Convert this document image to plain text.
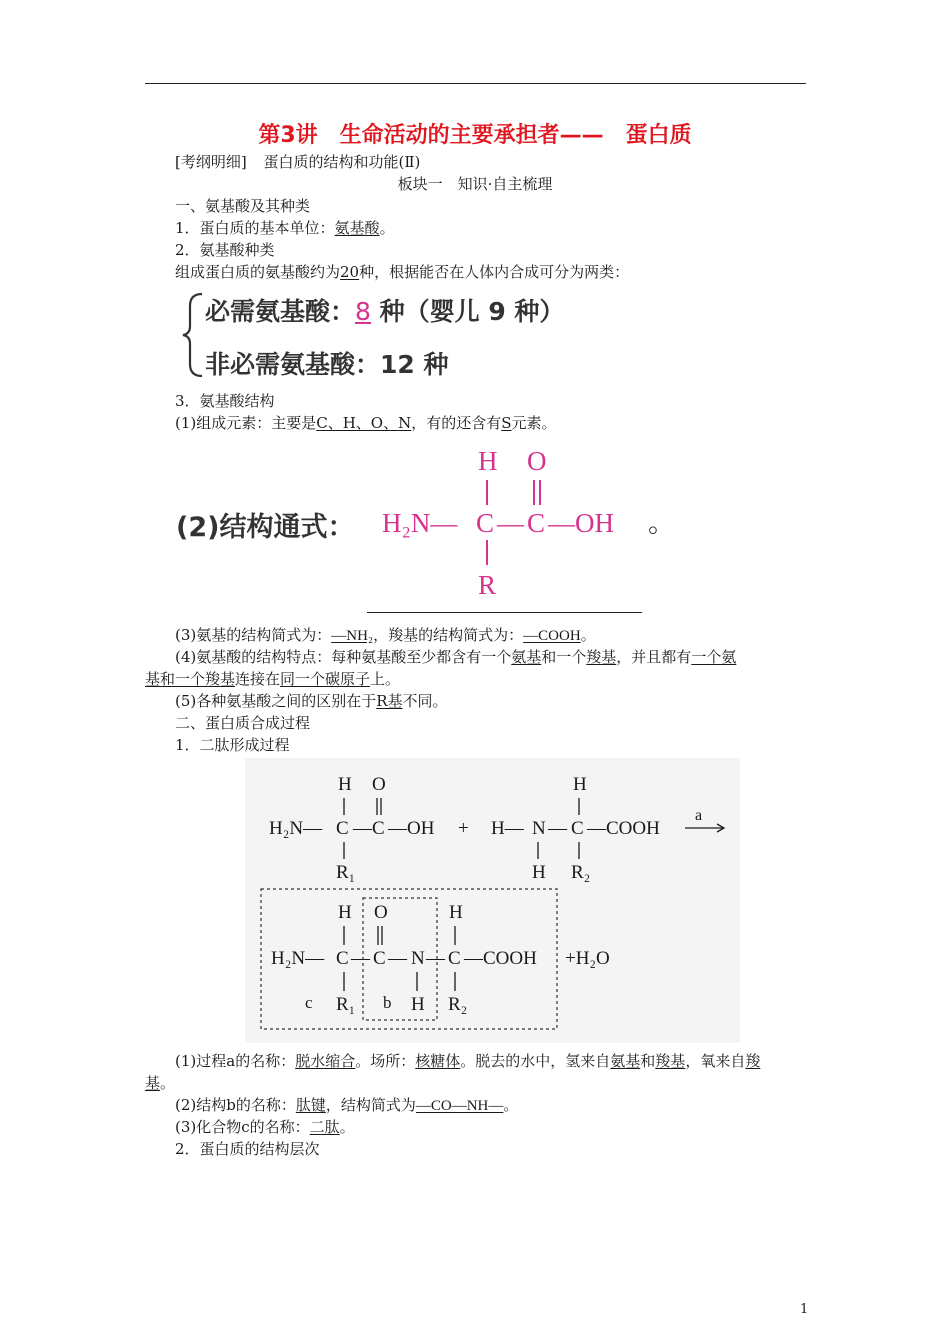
第3讲　生命活动的主要承担者——　蛋白质
[考纲明细] 蛋白质的结构和功能(Ⅱ)
板块一　知识·自主梳理
一、氨基酸及其种类
1．蛋白质的基本单位：氨基酸。
2．氨基酸种类
组成蛋白质的氨基酸约为20种，根据能否在人体内合成可分为两类：
必需氨基酸：8 种（婴儿 9 种）
非必需氨基酸：12 种
3．氨基酸结构
(1)组成元素：主要是C、H、O、N，有的还含有S元素。
(2)结构通式：
H O
H₂N— C — C —OH
R
。
(3)氨基的结构简式为：—NH₂，羧基的结构简式为：—COOH。
(4)氨基酸的结构特点：每种氨基酸至少都含有一个氨基和一个羧基，并且都有一个氨
基和一个羧基连接在同一个碳原子上。
(5)各种氨基酸之间的区别在于R基不同。
二、蛋白质合成过程
1．二肽形成过程
H O
H₂N— C — C —OH + H— N — C —COOH
H
a
R₁	H R₂
H O	H
H₂N— C — C — N — C —COOH +H₂O
c R₁ b H R₂
(1)过程a的名称：脱水缩合。场所：核糖体。脱去的水中，氢来自氨基和羧基，氧来自羧
基。
(2)结构b的名称：肽键，结构简式为—CO—NH—。
(3)化合物c的名称：二肽。
2．蛋白质的结构层次
1
